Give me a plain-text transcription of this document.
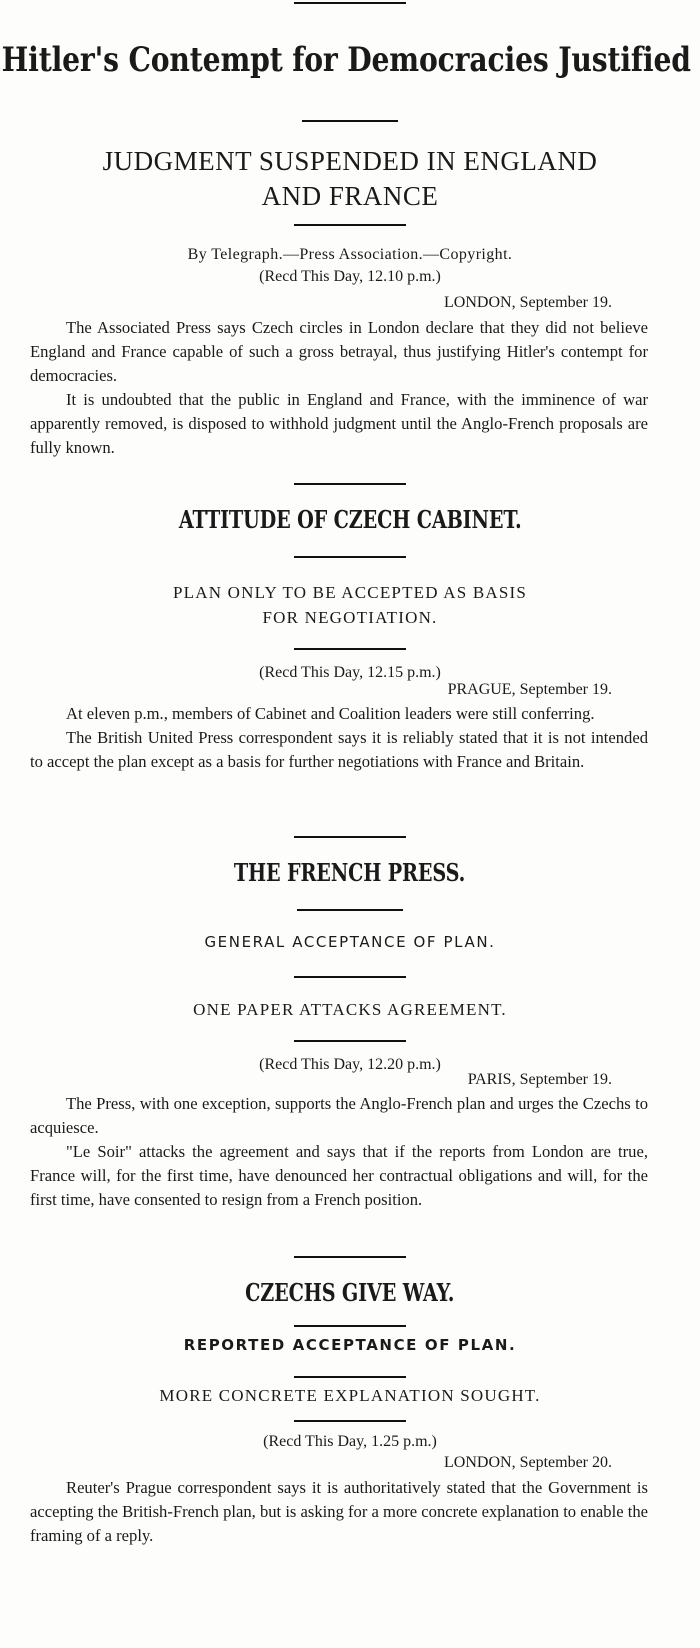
Hitler's Contempt for Democracies Justified

JUDGMENT SUSPENDED IN ENGLAND

AND FRANCE

By Telegraph.—Press Association.—Copyright.

(Recd This Day, 12.10 p.m.)

LONDON, September 19.

The Associated Press says Czech circles in London declare that they did not believe England and France capable of such a gross betrayal, thus justifying Hitler's contempt for democracies.

It is undoubted that the public in England and France, with the imminence of war apparently removed, is disposed to withhold judgment until the Anglo-French proposals are fully known.

ATTITUDE OF CZECH CABINET.

PLAN ONLY TO BE ACCEPTED AS BASIS

FOR NEGOTIATION.

(Recd This Day, 12.15 p.m.)

PRAGUE, September 19.

At eleven p.m., members of Cabinet and Coalition leaders were still conferring.

The British United Press correspondent says it is reliably stated that it is not intended to accept the plan except as a basis for further negotiations with France and Britain.

THE FRENCH PRESS.

GENERAL ACCEPTANCE OF PLAN.

ONE PAPER ATTACKS AGREEMENT.

(Recd This Day, 12.20 p.m.)

PARIS, September 19.

The Press, with one exception, supports the Anglo-French plan and urges the Czechs to acquiesce.

"Le Soir" attacks the agreement and says that if the reports from London are true, France will, for the first time, have denounced her contractual obligations and will, for the first time, have consented to resign from a French position.

CZECHS GIVE WAY.

REPORTED ACCEPTANCE OF PLAN.

MORE CONCRETE EXPLANATION SOUGHT.

(Recd This Day, 1.25 p.m.)

LONDON, September 20.

Reuter's Prague correspondent says it is authoritatively stated that the Government is accepting the British-French plan, but is asking for a more concrete explanation to enable the framing of a reply.
